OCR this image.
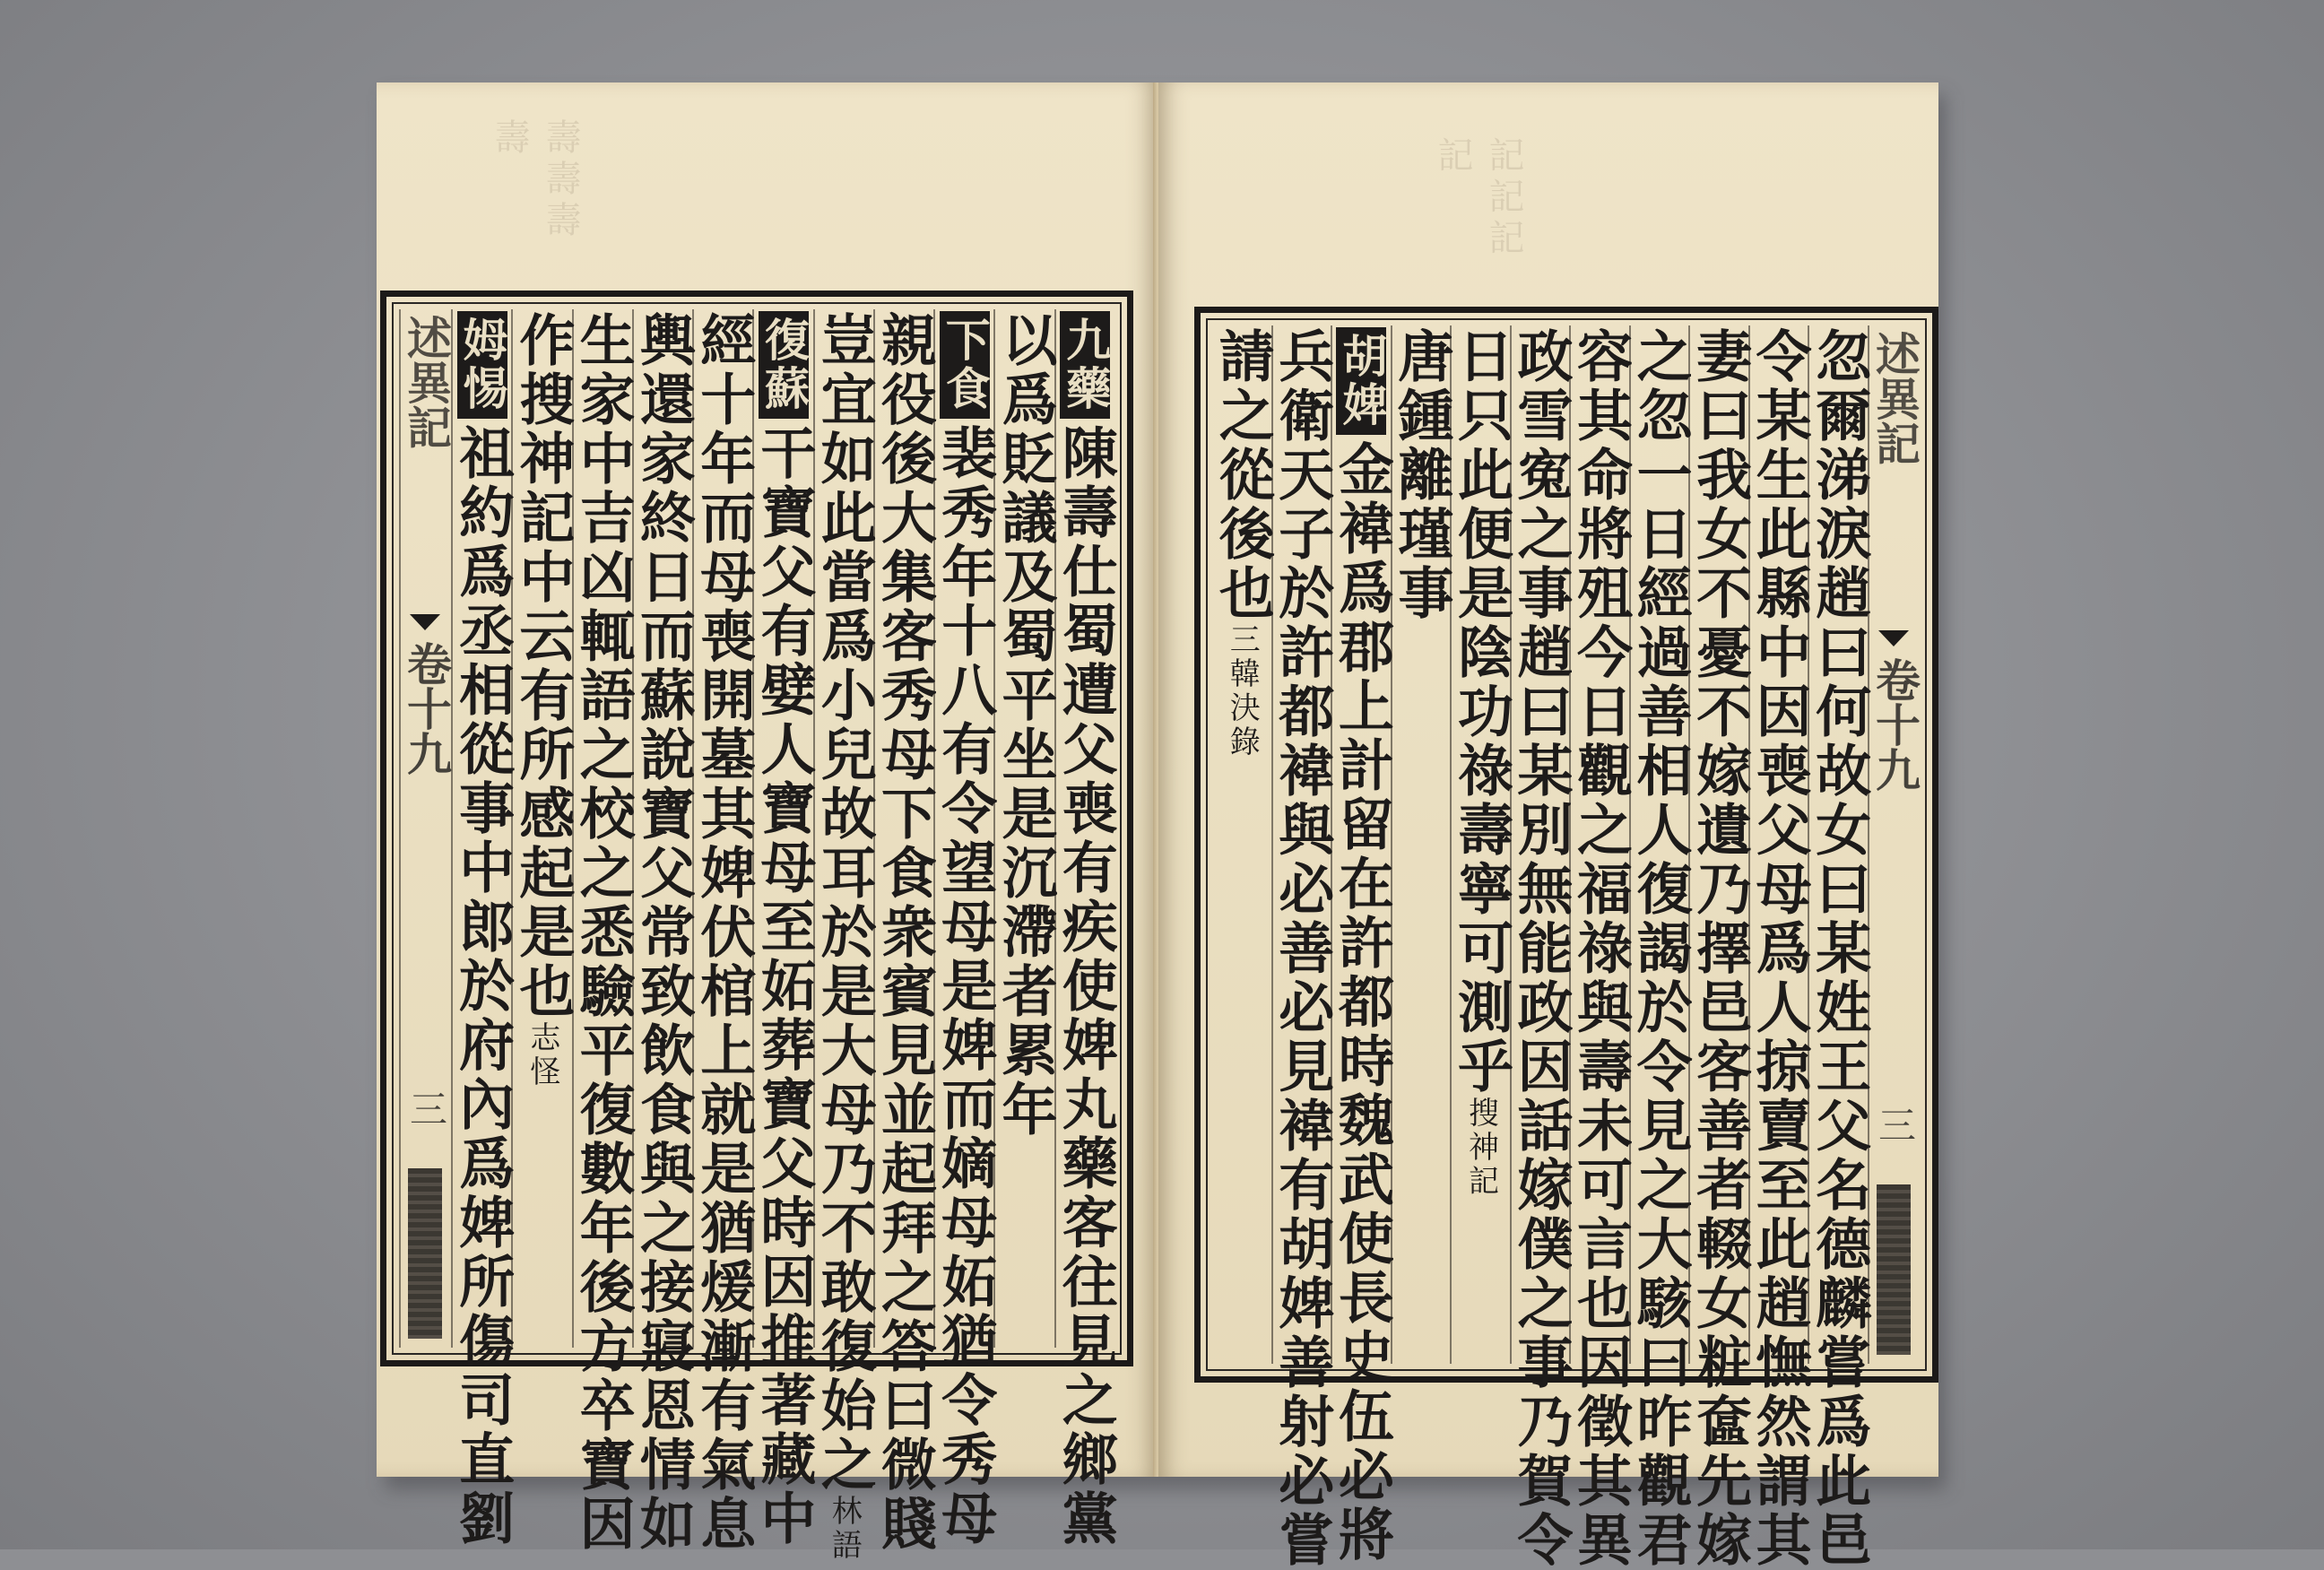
壽壽壽壽
九藥陳壽仕蜀遭父喪有疾使婢丸藥客往見之鄉黨
以爲貶議及蜀平坐是沉滯者累年
下食裴秀年十八有令望母是婢而嫡母妬猶令秀母
親役後大集客秀母下食衆賓見並起拜之答曰微賤
豈宜如此當爲小兒故耳於是大母乃不敢復始之林語
復蘇干寶父有嬖人寶母至妬葬寶父時因推著藏中
經十年而母喪開墓其婢伏棺上就是猶煖漸有氣息
輿還家終日而蘇說寶父常致飲食與之接寢恩情如
生家中吉凶輒語之校之悉驗平復數年後方卒寶因
作搜神記中云有所感起是也志怪
姆惕祖約爲丞相從事中郎於府內爲婢所傷司直劉
述異記
卷十九
三
記記記記
述異記
卷十九
三
忽爾涕淚趙曰何故女曰某姓王父名德麟嘗爲此邑
令某生此縣中因喪父母爲人掠賣至此趙憮然謂其
妻曰我女不憂不嫁遺乃擇邑客善者輟女粧奩先嫁
之忽一日經過善相人復謁於令見之大駭曰昨觀君
容其命將殂今日觀之福祿與壽未可言也因徵其異
政雪寃之事趙曰某別無能政因話嫁僕之事乃賀令
日只此便是陰功祿壽寧可測乎搜神記
唐鍾離瑾事
胡婢金褘爲郡上計留在許都時魏武使長史伍必將
兵衛天子於許都褘與必善必見褘有胡婢善射必嘗
請之從後也三韓決錄
